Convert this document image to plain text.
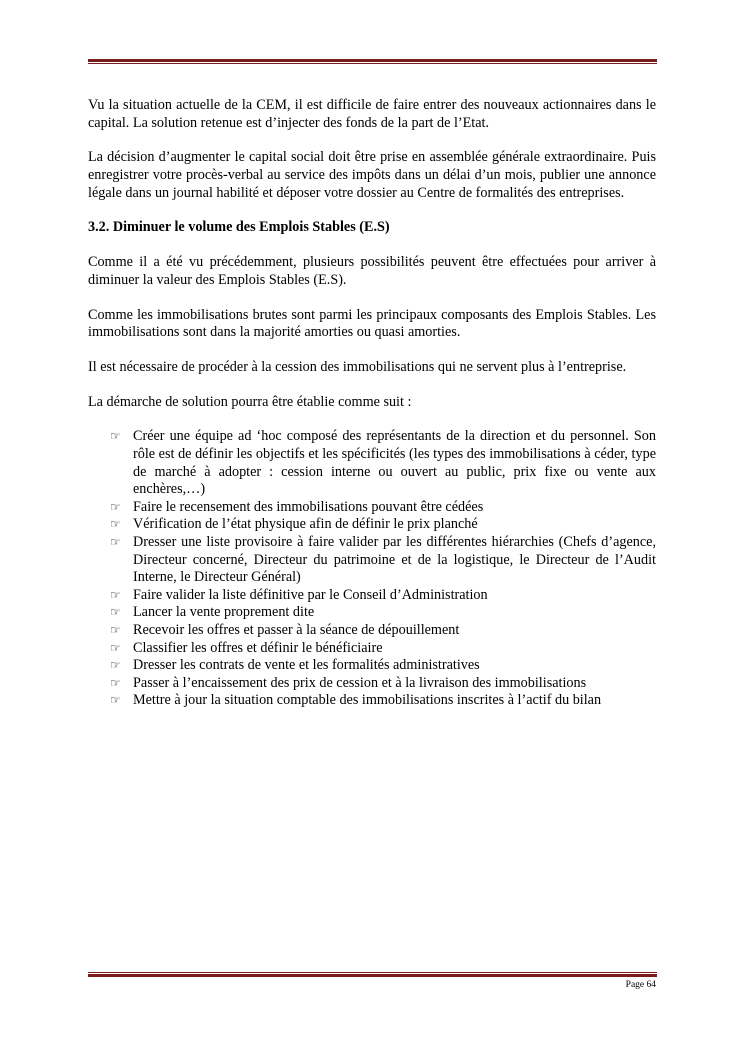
Vu la situation actuelle de la CEM, il est difficile de faire entrer des nouveaux actionnaires dans le capital. La solution retenue est d’injecter des fonds de la part de l’Etat.

La décision d’augmenter le capital social doit être prise en assemblée générale extraordinaire. Puis enregistrer votre procès-verbal au service des impôts dans un délai d’un mois, publier une annonce légale dans un journal habilité et déposer votre dossier au Centre de formalités des entreprises.

3.2. Diminuer le volume des Emplois Stables (E.S)

Comme il a été vu précédemment, plusieurs possibilités peuvent être effectuées pour arriver à diminuer la valeur des Emplois Stables (E.S).

Comme les immobilisations brutes sont parmi les principaux composants des Emplois Stables. Les immobilisations sont dans la majorité amorties ou quasi amorties.

Il est nécessaire de procéder à la cession des immobilisations qui ne servent plus à l’entreprise.

La démarche de solution pourra être établie comme suit :

☞ Créer une équipe ad ‘hoc composé des représentants de la direction et du personnel. Son rôle est de définir les objectifs et les spécificités (les types des immobilisations à céder, type de marché à adopter : cession interne ou ouvert au public, prix fixe ou vente aux enchères,…)
☞ Faire le recensement des immobilisations pouvant être cédées
☞ Vérification de l’état physique afin de définir le prix planché
☞ Dresser une liste provisoire à faire valider par les différentes hiérarchies (Chefs d’agence, Directeur concerné, Directeur du patrimoine et de la logistique, le Directeur de l’Audit Interne, le Directeur Général)
☞ Faire valider la liste définitive par le Conseil d’Administration
☞ Lancer la vente proprement dite
☞ Recevoir les offres et passer à la séance de dépouillement
☞ Classifier les offres et définir le bénéficiaire
☞ Dresser les contrats de vente et les formalités administratives
☞ Passer à l’encaissement des prix de cession et à la livraison des immobilisations
☞ Mettre à jour la situation comptable des immobilisations inscrites à l’actif du bilan
Page 64
